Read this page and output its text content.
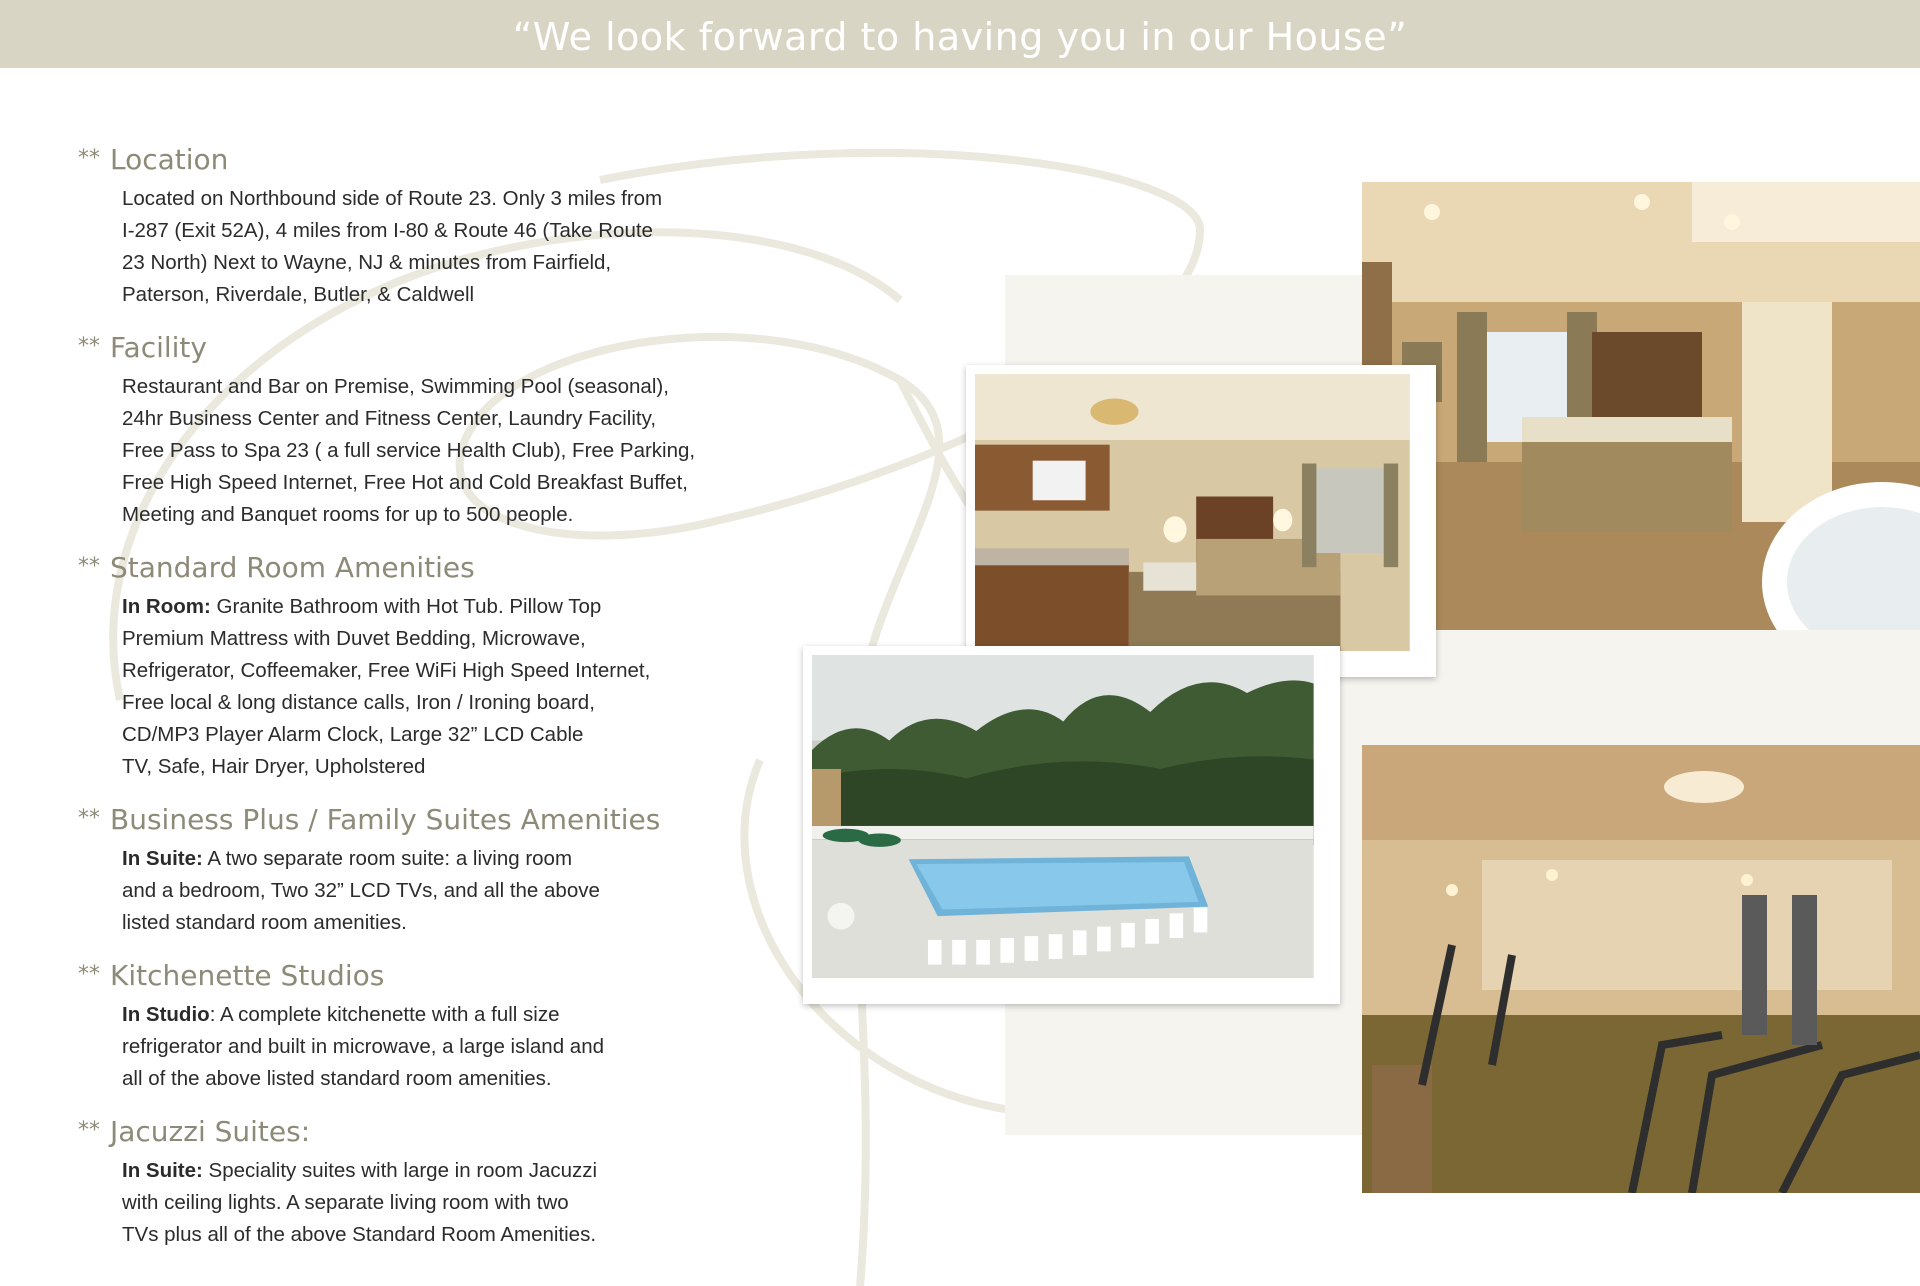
“We look forward to having you in our House”
** Location
Located on Northbound side of Route 23. Only 3 miles from
I-287 (Exit 52A), 4 miles from I-80 & Route 46 (Take Route
23 North) Next to Wayne, NJ & minutes from Fairfield,
Paterson, Riverdale, Butler, & Caldwell
** Facility
Restaurant and Bar on Premise, Swimming Pool (seasonal),
24hr Business Center and Fitness Center, Laundry Facility,
Free Pass to Spa 23 ( a full service Health Club), Free Parking,
Free High Speed Internet, Free Hot and Cold Breakfast Buffet,
Meeting and Banquet rooms for up to 500 people.
** Standard Room Amenities
In Room: Granite Bathroom with Hot Tub. Pillow Top
Premium Mattress with Duvet Bedding, Microwave,
Refrigerator, Coffeemaker, Free WiFi High Speed Internet,
Free local & long distance calls, Iron / Ironing board,
CD/MP3 Player Alarm Clock, Large 32” LCD Cable
TV, Safe, Hair Dryer, Upholstered
** Business Plus / Family Suites Amenities
In Suite: A two separate room suite: a living room
and a bedroom, Two 32” LCD TVs, and all the above
listed standard room amenities.
** Kitchenette Studios
In Studio: A complete kitchenette with a full size
refrigerator and built in microwave, a large island and
all of the above listed standard room amenities.
** Jacuzzi Suites:
In Suite: Speciality suites with large in room Jacuzzi
with ceiling lights. A separate living room with two
TVs plus all of the above Standard Room Amenities.
